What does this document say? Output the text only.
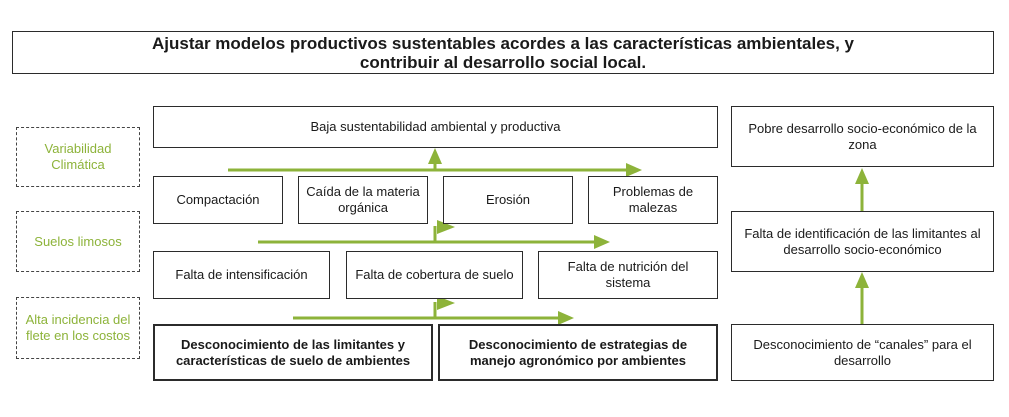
Ajustar modelos productivos sustentables acordes a las características ambientales, y
contribuir al desarrollo social local.
Variabilidad Climática
Suelos limosos
Alta incidencia del flete en los costos
Baja sustentabilidad ambiental y productiva
Compactación
Caída de la materia orgánica
Erosión
Problemas de malezas
Falta de intensificación	Falta de cobertura de suelo
Falta de nutrición del sistema
Desconocimiento de las limitantes y características de suelo de ambientes
Desconocimiento de estrategias de manejo agronómico por ambientes
Pobre desarrollo socio-económico de la zona
Falta de identificación de las limitantes al desarrollo socio-económico
Desconocimiento de “canales” para el desarrollo
